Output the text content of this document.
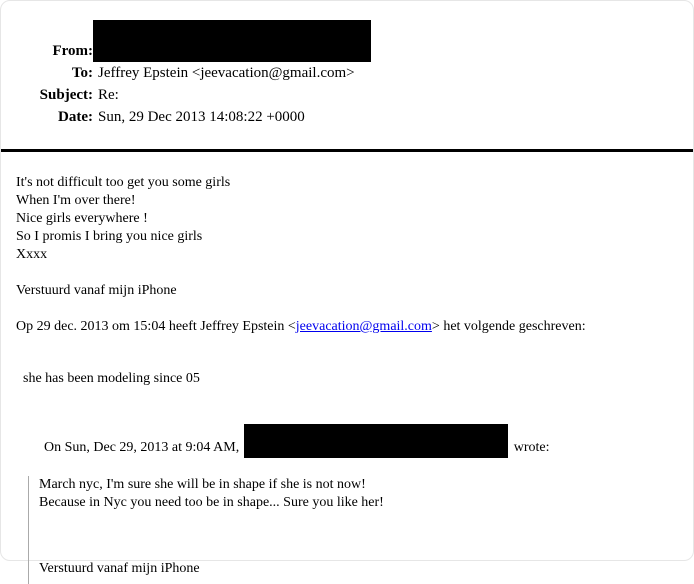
From:
To: Jeffrey Epstein <jeevacation@gmail.com>
Subject: Re:
Date: Sun, 29 Dec 2013 14:08:22 +0000
It's not difficult too get you some girls
When I'm over there!
Nice girls everywhere !
So I promis I bring you nice girls
Xxxx
Verstuurd vanaf mijn iPhone
Op 29 dec. 2013 om 15:04 heeft Jeffrey Epstein <jeevacation@gmail.com> het volgende geschreven:
she has been modeling since 05

On Sun, Dec 29, 2013 at 9:04 AM,	wrote:

March nyc, I'm sure she will be in shape if she is not now!
Because in Nyc you need too be in shape... Sure you like her!
Verstuurd vanaf mijn iPhone
